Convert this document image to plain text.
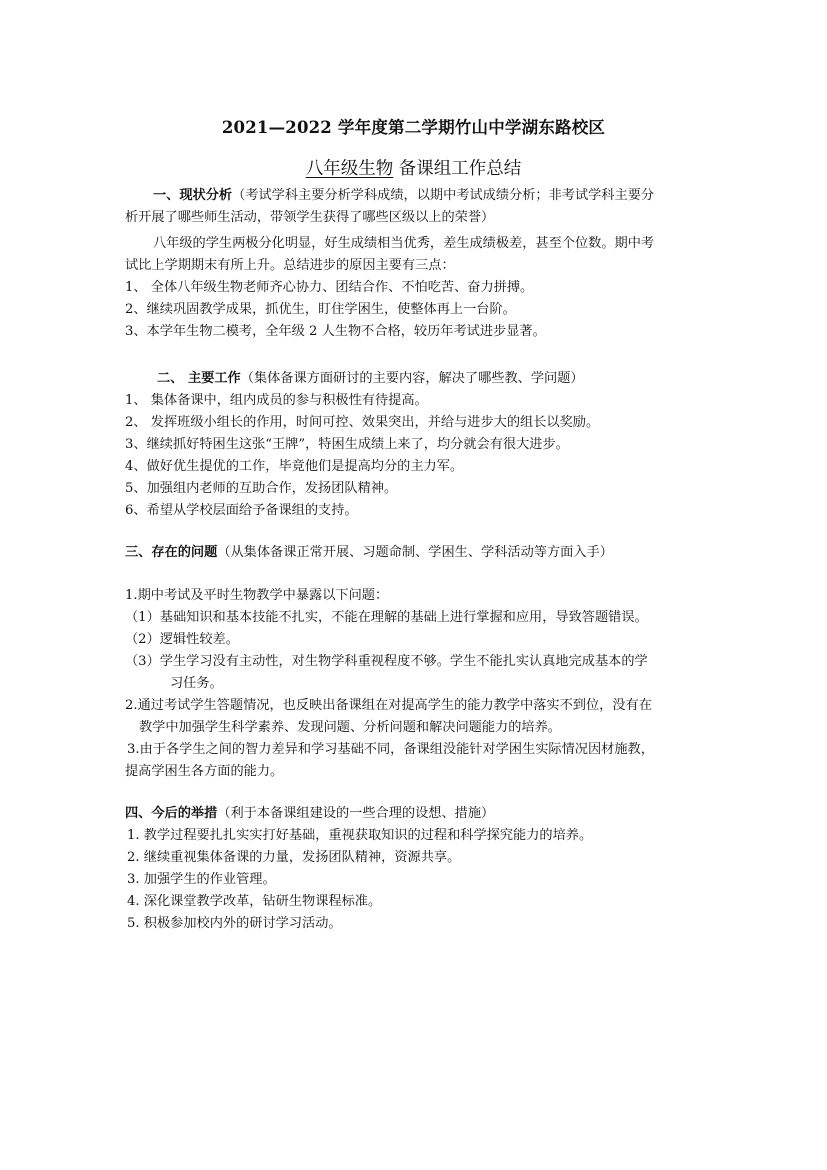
2021—2022 学年度第二学期竹山中学湖东路校区
八年级生物 备课组工作总结
一、现状分析（考试学科主要分析学科成绩，以期中考试成绩分析；非考试学科主要分
析开展了哪些师生活动，带领学生获得了哪些区级以上的荣誉）
八年级的学生两极分化明显，好生成绩相当优秀，差生成绩极差，甚至个位数。期中考
试比上学期期末有所上升。总结进步的原因主要有三点：
1、 全体八年级生物老师齐心协力、团结合作、不怕吃苦、奋力拼搏。
2、继续巩固教学成果，抓优生，盯住学困生，使整体再上一台阶。
3、本学年生物二模考，全年级 2 人生物不合格，较历年考试进步显著。
二、 主要工作（集体备课方面研讨的主要内容，解决了哪些教、学问题）
1、 集体备课中，组内成员的参与积极性有待提高。
2、 发挥班级小组长的作用，时间可控、效果突出，并给与进步大的组长以奖励。
3、继续抓好特困生这张“王牌”，特困生成绩上来了，均分就会有很大进步。
4、做好优生提优的工作，毕竟他们是提高均分的主力军。
5、加强组内老师的互助合作，发扬团队精神。
6、希望从学校层面给予备课组的支持。
三、存在的问题（从集体备课正常开展、习题命制、学困生、学科活动等方面入手）
1.期中考试及平时生物教学中暴露以下问题：
（1）基础知识和基本技能不扎实，不能在理解的基础上进行掌握和应用，导致答题错误。
（2）逻辑性较差。
（3）学生学习没有主动性，对生物学科重视程度不够。学生不能扎实认真地完成基本的学
习任务。
2.通过考试学生答题情况，也反映出备课组在对提高学生的能力教学中落实不到位，没有在
教学中加强学生科学素养、发现问题、分析问题和解决问题能力的培养。
3.由于各学生之间的智力差异和学习基础不同，备课组没能针对学困生实际情况因材施教，
提高学困生各方面的能力。
四、今后的举措（利于本备课组建设的一些合理的设想、措施）
1. 教学过程要扎扎实实打好基础，重视获取知识的过程和科学探究能力的培养。
2. 继续重视集体备课的力量，发扬团队精神，资源共享。
3. 加强学生的作业管理。
4. 深化课堂教学改革，钻研生物课程标准。
5. 积极参加校内外的研讨学习活动。
